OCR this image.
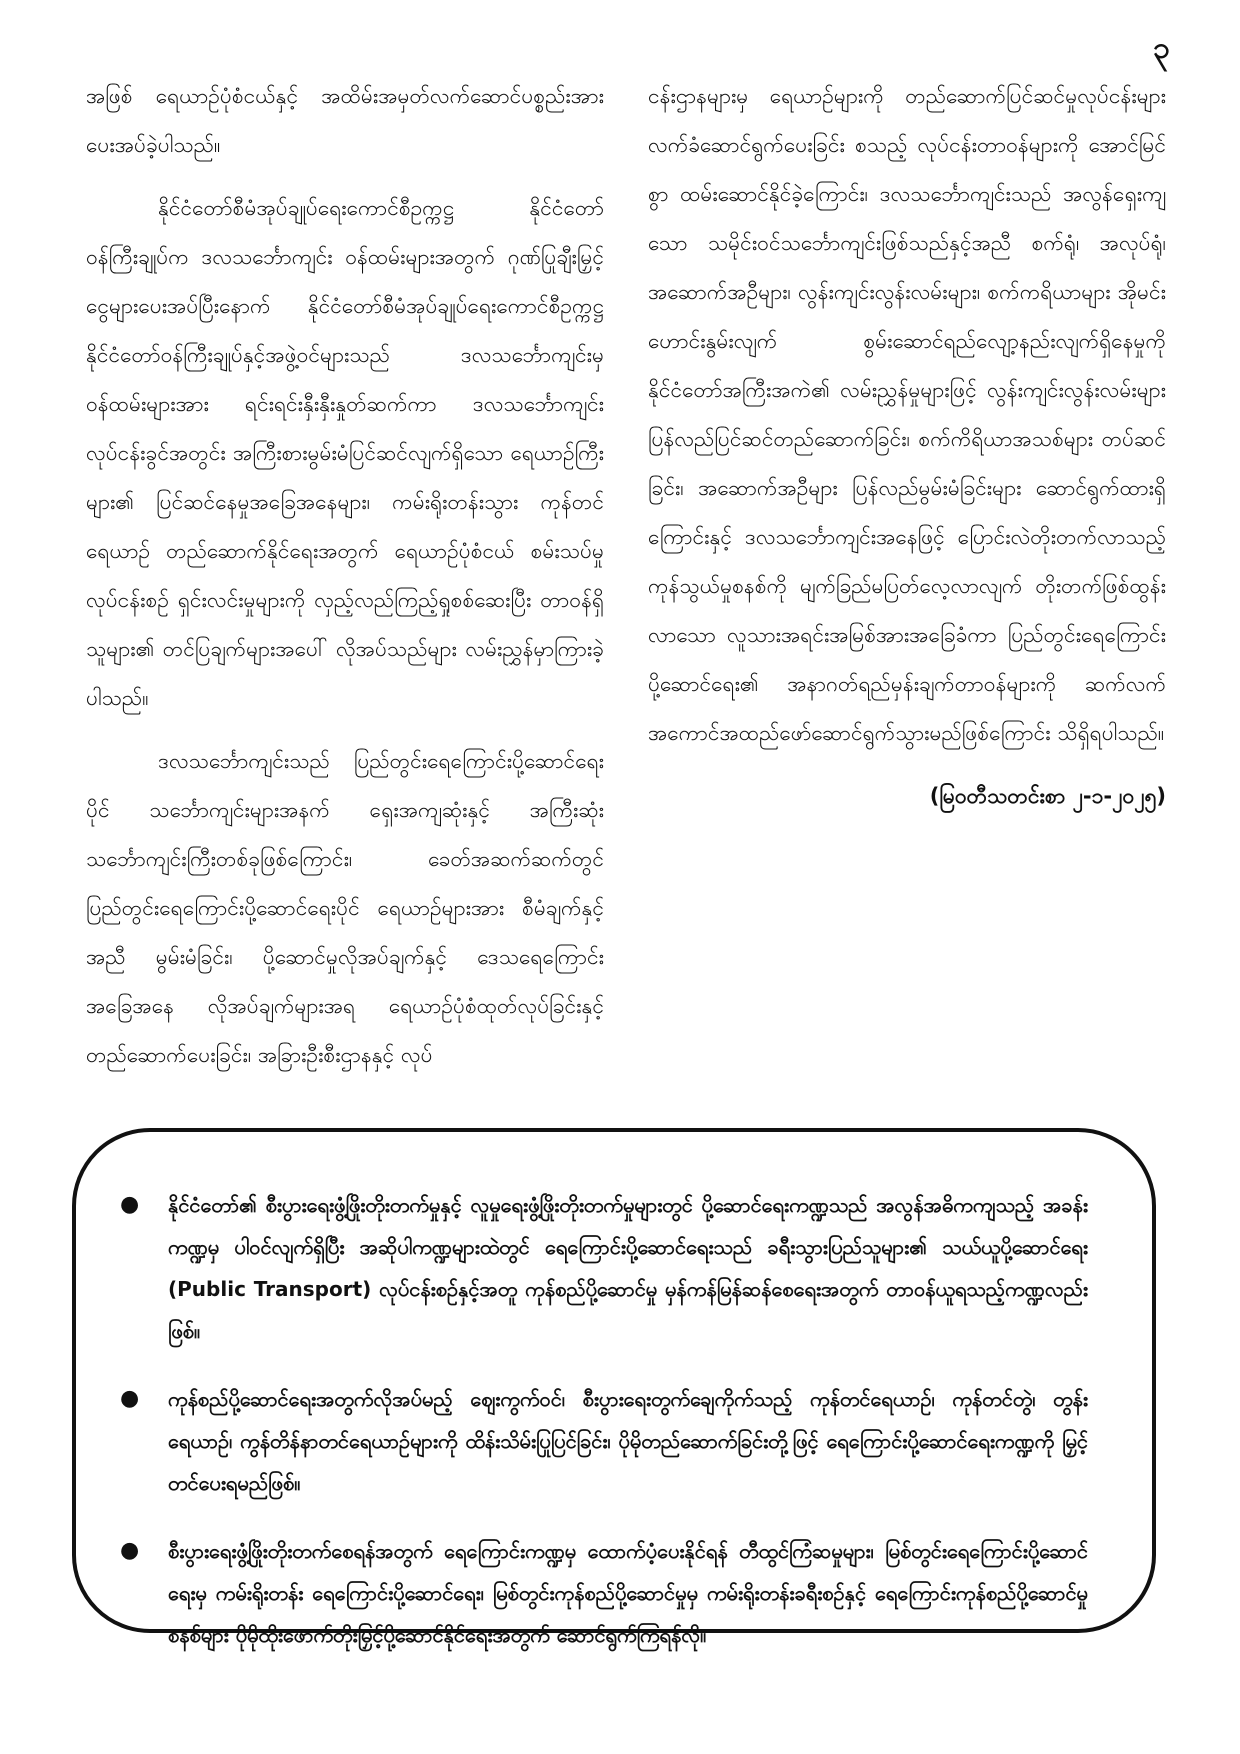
၃

အဖြစ် ရေယာဉ်ပုံစံငယ်နှင့် အထိမ်းအမှတ်လက်ဆောင်ပစ္စည်းအား ပေးအပ်ခဲ့ပါသည်။

နိုင်ငံတော်စီမံအုပ်ချုပ်ရေးကောင်စီဥက္ကဋ္ဌ နိုင်ငံတော်ဝန်ကြီးချုပ်က ဒလသင်္ဘောကျင်း ဝန်ထမ်းများအတွက် ဂုဏ်ပြုချီးမြှင့်ငွေများပေးအပ်ပြီးနောက် နိုင်ငံတော်စီမံအုပ်ချုပ်ရေးကောင်စီဥက္ကဋ္ဌ နိုင်ငံတော်ဝန်ကြီးချုပ်နှင့်အဖွဲ့ဝင်များသည် ဒလသင်္ဘောကျင်းမှ ဝန်ထမ်းများအား ရင်းရင်းနှီးနှီးနှုတ်ဆက်ကာ ဒလသင်္ဘောကျင်းလုပ်ငန်းခွင်အတွင်း အကြီးစားမွမ်းမံပြင်ဆင်လျက်ရှိသော ရေယာဉ်ကြီးများ၏ ပြင်ဆင်နေမှုအခြေအနေများ၊ ကမ်းရိုးတန်းသွား ကုန်တင်ရေယာဉ် တည်ဆောက်နိုင်ရေးအတွက် ရေယာဉ်ပုံစံငယ် စမ်းသပ်မှုလုပ်ငန်းစဉ် ရှင်းလင်းမှုများကို လှည့်လည်ကြည့်ရှုစစ်ဆေးပြီး တာဝန်ရှိသူများ၏ တင်ပြချက်များအပေါ် လိုအပ်သည်များ လမ်းညွှန်မှာကြားခဲ့ပါသည်။

ဒလသင်္ဘောကျင်းသည် ပြည်တွင်းရေကြောင်းပို့ဆောင်ရေးပိုင် သင်္ဘောကျင်းများအနက် ရှေးအကျဆုံးနှင့် အကြီးဆုံးသင်္ဘောကျင်းကြီးတစ်ခုဖြစ်ကြောင်း၊ ခေတ်အဆက်ဆက်တွင် ပြည်တွင်းရေကြောင်းပို့ဆောင်ရေးပိုင် ရေယာဉ်များအား စီမံချက်နှင့်အညီ မွမ်းမံခြင်း၊ ပို့ဆောင်မှုလိုအပ်ချက်နှင့် ဒေသရေကြောင်းအခြေအနေ လိုအပ်ချက်များအရ ရေယာဉ်ပုံစံထုတ်လုပ်ခြင်းနှင့် တည်ဆောက်ပေးခြင်း၊ အခြားဦးစီးဌာနနှင့် လုပ်

ငန်းဌာနများမှ ရေယာဉ်များကို တည်ဆောက်ပြင်ဆင်မှုလုပ်ငန်းများ လက်ခံဆောင်ရွက်ပေးခြင်း စသည့် လုပ်ငန်းတာဝန်များကို အောင်မြင်စွာ ထမ်းဆောင်နိုင်ခဲ့ကြောင်း၊ ဒလသင်္ဘောကျင်းသည် အလွန်ရှေးကျသော သမိုင်းဝင်သင်္ဘောကျင်းဖြစ်သည်နှင့်အညီ စက်ရုံ၊ အလုပ်ရုံ၊ အဆောက်အဦများ၊ လွန်းကျင်းလွန်းလမ်းများ၊ စက်ကရိယာများ အိုမင်းဟောင်းနွမ်းလျက် စွမ်းဆောင်ရည်လျော့နည်းလျက်ရှိနေမှုကို နိုင်ငံတော်အကြီးအကဲ၏ လမ်းညွှန်မှုများဖြင့် လွန်းကျင်းလွန်းလမ်းများ ပြန်လည်ပြင်ဆင်တည်ဆောက်ခြင်း၊ စက်ကိရိယာအသစ်များ တပ်ဆင်ခြင်း၊ အဆောက်အဦများ ပြန်လည်မွမ်းမံခြင်းများ ဆောင်ရွက်ထားရှိကြောင်းနှင့် ဒလသင်္ဘောကျင်းအနေဖြင့် ပြောင်းလဲတိုးတက်လာသည့် ကုန်သွယ်မှုစနစ်ကို မျက်ခြည်မပြတ်လေ့လာလျက် တိုးတက်ဖြစ်ထွန်းလာသော လူသားအရင်းအမြစ်အားအခြေခံကာ ပြည်တွင်းရေကြောင်းပို့ဆောင်ရေး၏ အနာဂတ်ရည်မှန်းချက်တာဝန်များကို ဆက်လက်အကောင်အထည်ဖော်ဆောင်ရွက်သွားမည်ဖြစ်ကြောင်း သိရှိရပါသည်။

(မြဝတီသတင်းစာ ၂-၁-၂၀၂၅)

●	နိုင်ငံတော်၏ စီးပွားရေးဖွံ့ဖြိုးတိုးတက်မှုနှင့် လူမှုရေးဖွံ့ဖြိုးတိုးတက်မှုများတွင် ပို့ဆောင်ရေးကဏ္ဍသည် အလွန်အဓိကကျသည့် အခန်းကဏ္ဍမှ ပါဝင်လျက်ရှိပြီး အဆိုပါကဏ္ဍများထဲတွင် ရေကြောင်းပို့ဆောင်ရေးသည် ခရီးသွားပြည်သူများ၏ သယ်ယူပို့ဆောင်ရေး (Public Transport) လုပ်ငန်းစဉ်နှင့်အတူ ကုန်စည်ပို့ဆောင်မှု မှန်ကန်မြန်ဆန်စေရေးအတွက် တာဝန်ယူရသည့်ကဏ္ဍလည်းဖြစ်။
●	ကုန်စည်ပို့ဆောင်ရေးအတွက်လိုအပ်မည့် ဈေးကွက်ဝင်၊ စီးပွားရေးတွက်ချေကိုက်သည့် ကုန်တင်ရေယာဉ်၊ ကုန်တင်တွဲ၊ တွန်းရေယာဉ်၊ ကွန်တိန်နာတင်ရေယာဉ်များကို ထိန်းသိမ်းပြုပြင်ခြင်း၊ ပိုမိုတည်ဆောက်ခြင်းတို့ဖြင့် ရေကြောင်းပို့ဆောင်ရေးကဏ္ဍကို မြှင့်တင်ပေးရမည်ဖြစ်။
●	စီးပွားရေးဖွံ့ဖြိုးတိုးတက်စေရန်အတွက် ရေကြောင်းကဏ္ဍမှ ထောက်ပံ့ပေးနိုင်ရန် တီထွင်ကြံဆမှုများ၊ မြစ်တွင်းရေကြောင်းပို့ဆောင်ရေးမှ ကမ်းရိုးတန်း ရေကြောင်းပို့ဆောင်ရေး၊ မြစ်တွင်းကုန်စည်ပို့ဆောင်မှုမှ ကမ်းရိုးတန်းခရီးစဉ်နှင့် ရေကြောင်းကုန်စည်ပို့ဆောင်မှုစနစ်များ ပိုမိုထိုးဖောက်တိုးမြှင့်ပို့ဆောင်နိုင်ရေးအတွက် ဆောင်ရွက်ကြရန်လို။
